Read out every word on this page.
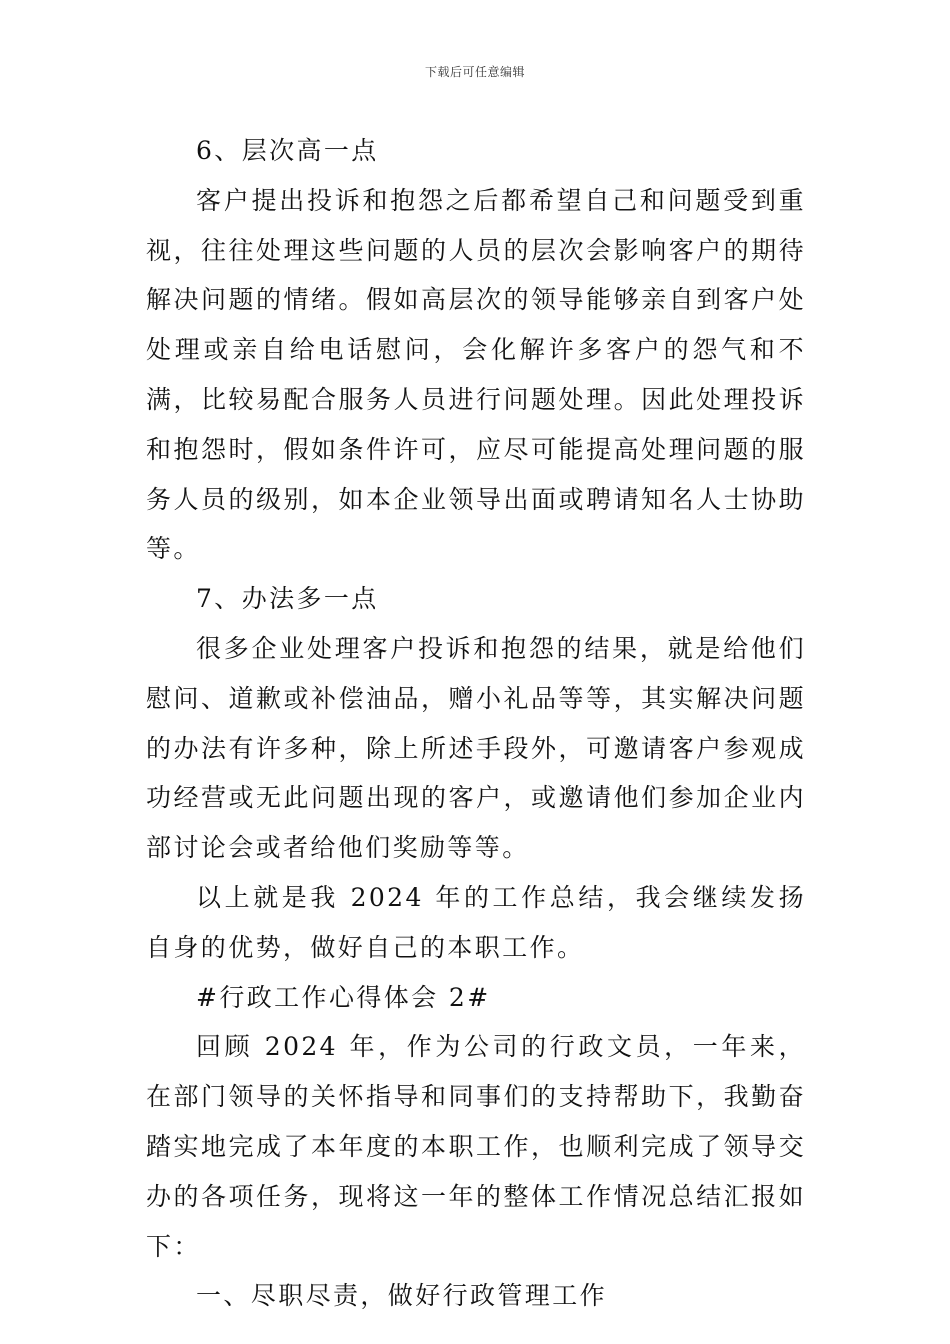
下载后可任意编辑

6、层次高一点

客户提出投诉和抱怨之后都希望自己和问题受到重视，往往处理这些问题的人员的层次会影响客户的期待解决问题的情绪。假如高层次的领导能够亲自到客户处处理或亲自给电话慰问，会化解许多客户的怨气和不满，比较易配合服务人员进行问题处理。因此处理投诉和抱怨时，假如条件许可，应尽可能提高处理问题的服务人员的级别，如本企业领导出面或聘请知名人士协助等。

7、办法多一点

很多企业处理客户投诉和抱怨的结果，就是给他们慰问、道歉或补偿油品，赠小礼品等等，其实解决问题的办法有许多种，除上所述手段外，可邀请客户参观成功经营或无此问题出现的客户，或邀请他们参加企业内部讨论会或者给他们奖励等等。

以上就是我 2024 年的工作总结，我会继续发扬自身的优势，做好自己的本职工作。

#行政工作心得体会 2#

回顾 2024 年，作为公司的行政文员，一年来，在部门领导的关怀指导和同事们的支持帮助下，我勤奋踏实地完成了本年度的本职工作，也顺利完成了领导交办的各项任务，现将这一年的整体工作情况总结汇报如下：

一、尽职尽责，做好行政管理工作
